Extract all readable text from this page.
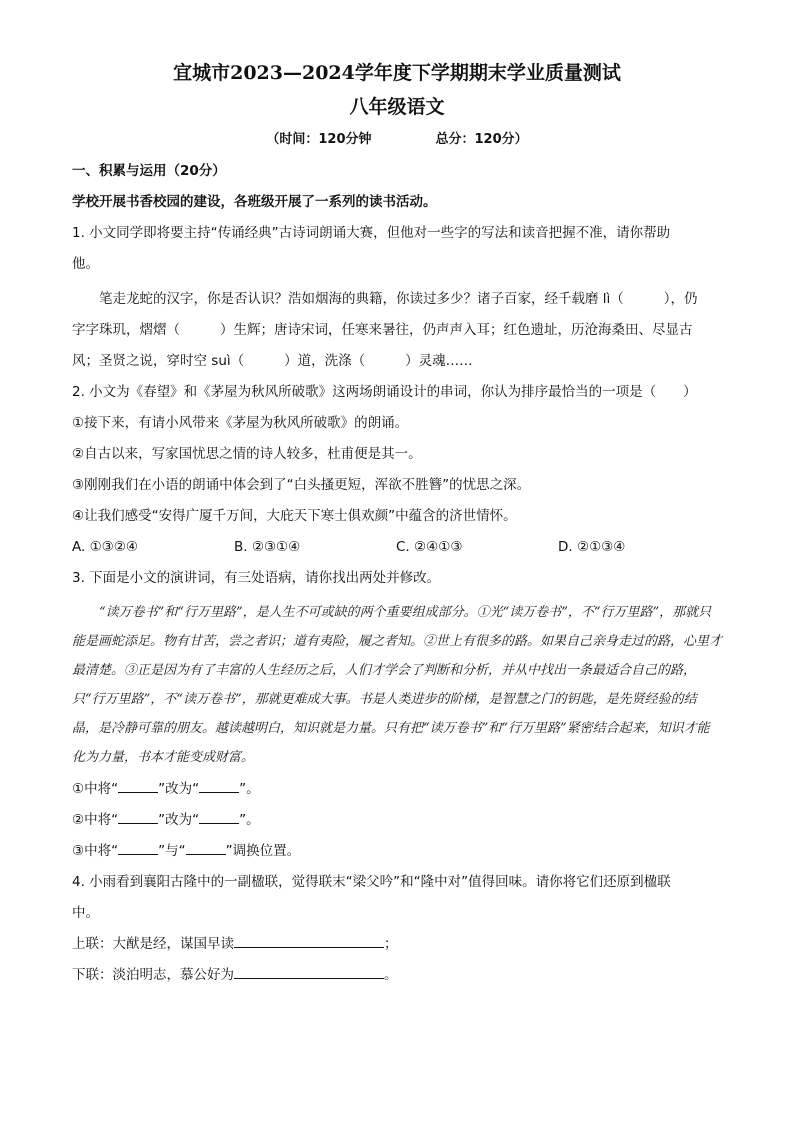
宜城市2023—2024学年度下学期期末学业质量测试
八年级语文
（时间：120分钟	总分：120分）
一、积累与运用（20分）
学校开展书香校园的建设，各班级开展了一系列的读书活动。
1. 小文同学即将要主持“传诵经典”古诗词朗诵大赛，但他对一些字的写法和读音把握不准，请你帮助
他。
笔走龙蛇的汉字，你是否认识？浩如烟海的典籍，你读过多少？诸子百家，经千载磨 lì（	），仍
字字珠玑，熠熠（	）生辉；唐诗宋词，任寒来暑往，仍声声入耳；红色遗址，历沧海桑田、尽显古
风；圣贤之说，穿时空 suì（	）道，洗涤（	）灵魂……
2. 小文为《春望》和《茅屋为秋风所破歌》这两场朗诵设计的串词，你认为排序最恰当的一项是（　　）
①接下来，有请小风带来《茅屋为秋风所破歌》的朗诵。
②自古以来，写家国忧思之情的诗人较多，杜甫便是其一。
③刚刚我们在小语的朗诵中体会到了“白头搔更短，浑欲不胜簪”的忧思之深。
④让我们感受“安得广厦千万间，大庇天下寒士俱欢颜”中蕴含的济世情怀。
A. ①③②④	B. ②③①④	C. ②④①③	D. ②①③④
3. 下面是小文的演讲词，有三处语病，请你找出两处并修改。
“读万卷书”和“行万里路”，是人生不可或缺的两个重要组成部分。①光“读万卷书”，不“行万里路”，那就只能是画蛇添足。物有甘苦，尝之者识；道有夷险，履之者知。②世上有很多的路。如果自己亲身走过的路，心里才最清楚。③正是因为有了丰富的人生经历之后，人们才学会了判断和分析，并从中找出一条最适合自己的路，只“行万里路”，不“读万卷书”，那就更难成大事。书是人类进步的阶梯，是智慧之门的钥匙，是先贤经验的结晶，是冷静可靠的朋友。越读越明白，知识就是力量。只有把“读万卷书”和“行万里路”紧密结合起来，知识才能化为力量，书本才能变成财富。
①中将“	”改为“	”。
②中将“	”改为“	”。
③中将“	”与“	”调换位置。
4. 小雨看到襄阳古隆中的一副楹联，觉得联末“梁父吟”和“隆中对”值得回味。请你将它们还原到楹联
中。
上联：大猷是经，谋国早读	；
下联：淡泊明志，慕公好为	。
